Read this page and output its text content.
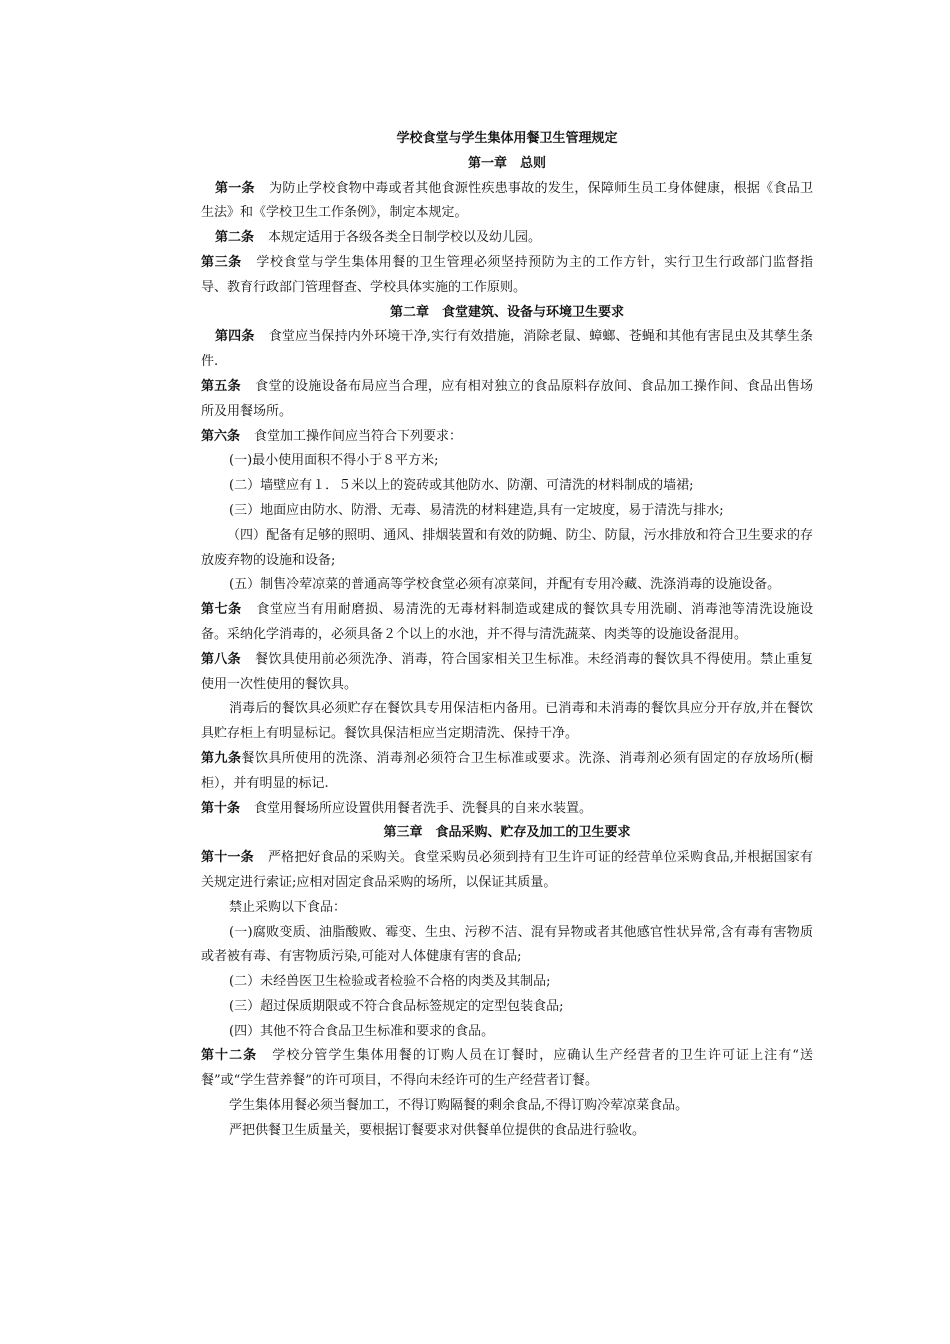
学校食堂与学生集体用餐卫生管理规定
第一章　总则
第一条 为防止学校食物中毒或者其他食源性疾患事故的发生，保障师生员工身体健康，根据《食品卫生法》和《学校卫生工作条例》，制定本规定。
第二条 本规定适用于各级各类全日制学校以及幼儿园。
第三条 学校食堂与学生集体用餐的卫生管理必须坚持预防为主的工作方针，实行卫生行政部门监督指导、教育行政部门管理督查、学校具体实施的工作原则。
第二章　食堂建筑、设备与环境卫生要求
第四条 食堂应当保持内外环境干净,实行有效措施，消除老鼠、蟑螂、苍蝇和其他有害昆虫及其孳生条件.
第五条 食堂的设施设备布局应当合理，应有相对独立的食品原料存放间、食品加工操作间、食品出售场所及用餐场所。
第六条 食堂加工操作间应当符合下列要求：
(一)最小使用面积不得小于８平方米;
(二）墙壁应有１．５米以上的瓷砖或其他防水、防潮、可清洗的材料制成的墙裙;
(三）地面应由防水、防滑、无毒、易清洗的材料建造,具有一定坡度，易于清洗与排水;
（四）配备有足够的照明、通风、排烟装置和有效的防蝇、防尘、防鼠，污水排放和符合卫生要求的存放废弃物的设施和设备;
(五）制售冷荤凉菜的普通高等学校食堂必须有凉菜间，并配有专用冷藏、洗涤消毒的设施设备。
第七条 食堂应当有用耐磨损、易清洗的无毒材料制造或建成的餐饮具专用洗刷、消毒池等清洗设施设备。采纳化学消毒的，必须具备２个以上的水池，并不得与清洗蔬菜、肉类等的设施设备混用。
第八条 餐饮具使用前必须洗净、消毒，符合国家相关卫生标准。未经消毒的餐饮具不得使用。禁止重复使用一次性使用的餐饮具。
消毒后的餐饮具必须贮存在餐饮具专用保洁柜内备用。已消毒和未消毒的餐饮具应分开存放,并在餐饮具贮存柜上有明显标记。餐饮具保洁柜应当定期清洗、保持干净。
第九条餐饮具所使用的洗涤、消毒剂必须符合卫生标准或要求。洗涤、消毒剂必须有固定的存放场所(橱柜），并有明显的标记.
第十条 食堂用餐场所应设置供用餐者洗手、洗餐具的自来水装置。
第三章　食品采购、贮存及加工的卫生要求
第十一条 严格把好食品的采购关。食堂采购员必须到持有卫生许可证的经营单位采购食品,并根据国家有关规定进行索证;应相对固定食品采购的场所，以保证其质量。
禁止采购以下食品：
(一)腐败变质、油脂酸败、霉变、生虫、污秽不洁、混有异物或者其他感官性状异常,含有毒有害物质或者被有毒、有害物质污染,可能对人体健康有害的食品;
(二）未经兽医卫生检验或者检验不合格的肉类及其制品;
(三）超过保质期限或不符合食品标签规定的定型包装食品;
(四）其他不符合食品卫生标准和要求的食品。
第十二条 学校分管学生集体用餐的订购人员在订餐时，应确认生产经营者的卫生许可证上注有“送餐”或“学生营养餐”的许可项目，不得向未经许可的生产经营者订餐。
学生集体用餐必须当餐加工，不得订购隔餐的剩余食品,不得订购冷荤凉菜食品。
严把供餐卫生质量关，要根据订餐要求对供餐单位提供的食品进行验收。
